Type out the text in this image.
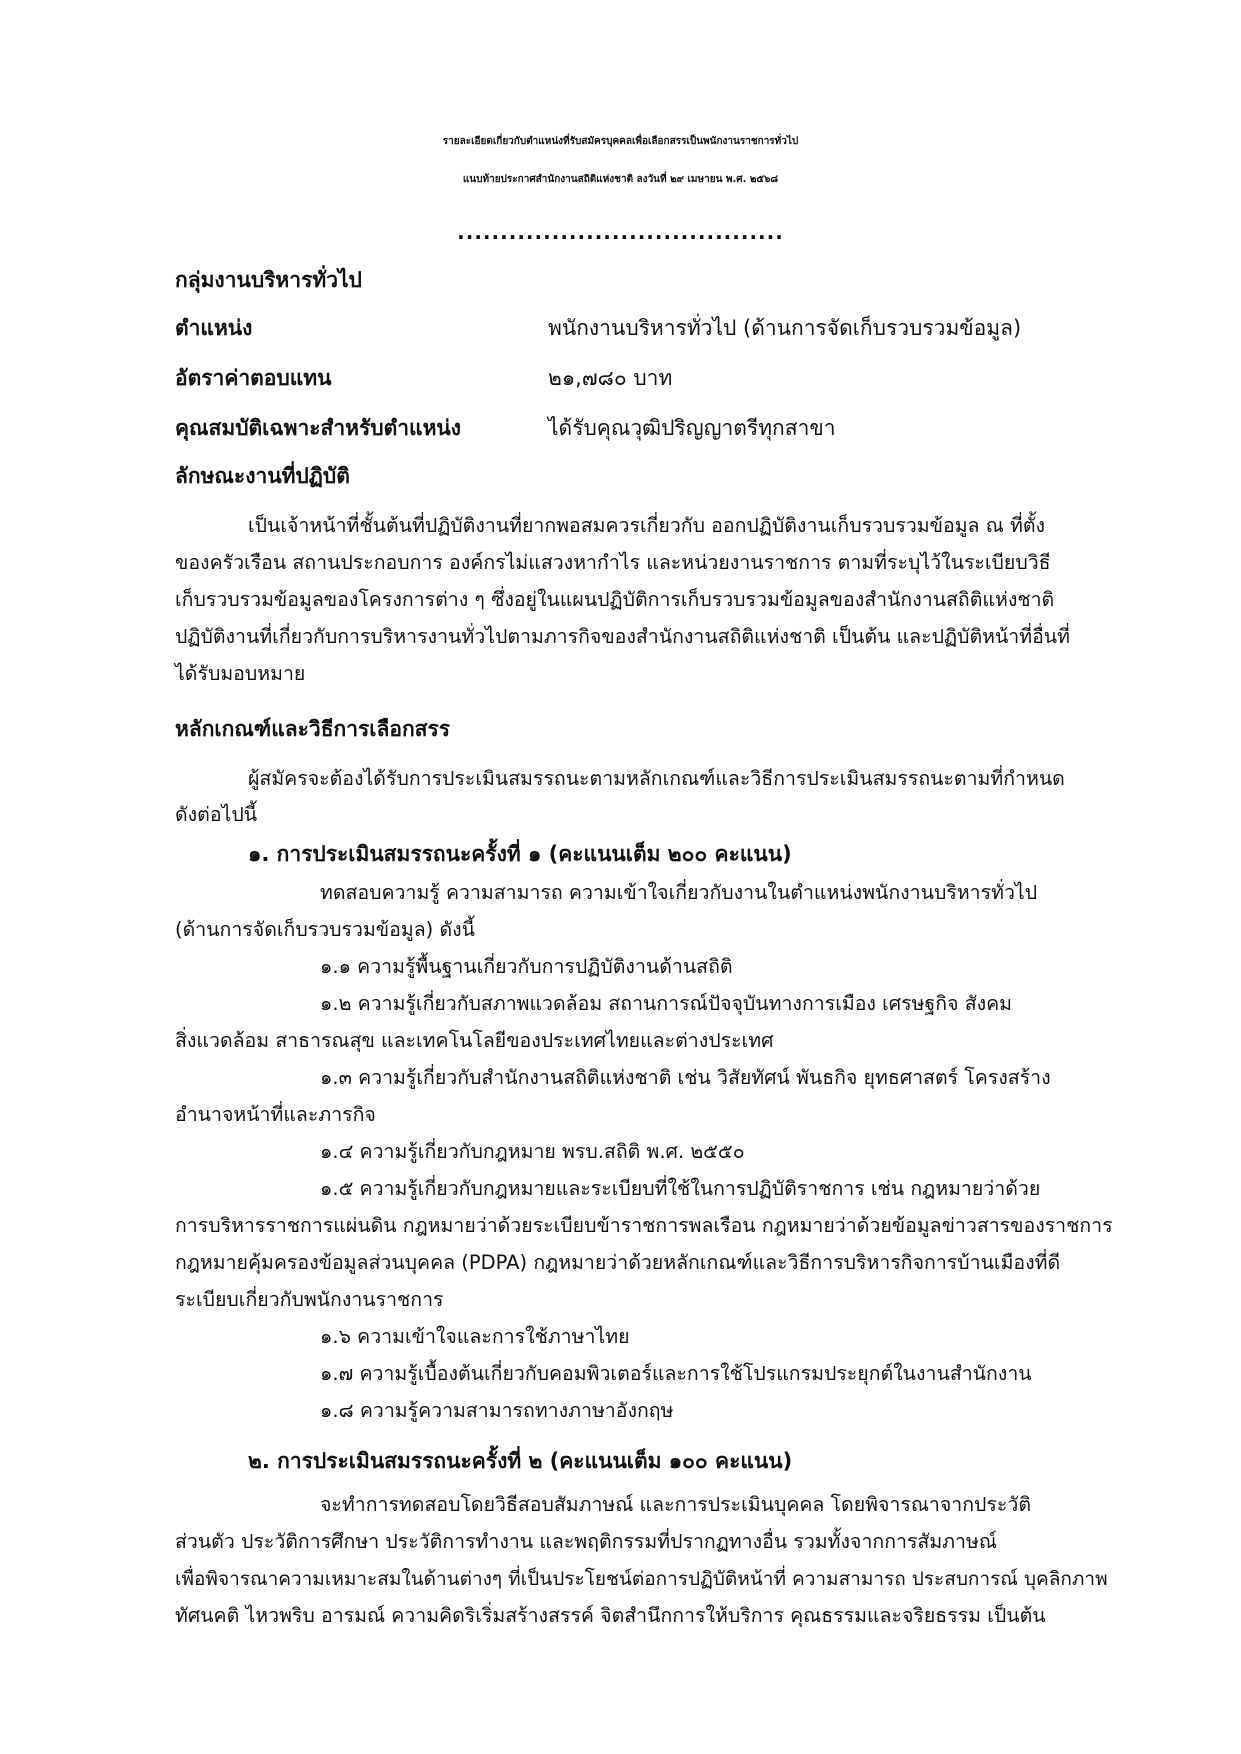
รายละเอียดเกี่ยวกับตำแหน่งที่รับสมัครบุคคลเพื่อเลือกสรรเป็นพนักงานราชการทั่วไป
แนบท้ายประกาศสำนักงานสถิติแห่งชาติ ลงวันที่ ๒๙ เมษายน พ.ศ. ๒๕๖๘
......................................
กลุ่มงานบริหารทั่วไป
ตำแหน่ง	พนักงานบริหารทั่วไป (ด้านการจัดเก็บรวบรวมข้อมูล)
อัตราค่าตอบแทน	๒๑,๗๘๐ บาท
คุณสมบัติเฉพาะสำหรับตำแหน่ง	ได้รับคุณวุฒิปริญญาตรีทุกสาขา
ลักษณะงานที่ปฏิบัติ
เป็นเจ้าหน้าที่ชั้นต้นที่ปฏิบัติงานที่ยากพอสมควรเกี่ยวกับ ออกปฏิบัติงานเก็บรวบรวมข้อมูล ณ ที่ตั้ง
ของครัวเรือน สถานประกอบการ องค์กรไม่แสวงหากำไร และหน่วยงานราชการ ตามที่ระบุไว้ในระเบียบวิธี
เก็บรวบรวมข้อมูลของโครงการต่าง ๆ ซึ่งอยู่ในแผนปฏิบัติการเก็บรวบรวมข้อมูลของสำนักงานสถิติแห่งชาติ
ปฏิบัติงานที่เกี่ยวกับการบริหารงานทั่วไปตามภารกิจของสำนักงานสถิติแห่งชาติ เป็นต้น และปฏิบัติหน้าที่อื่นที่
ได้รับมอบหมาย
หลักเกณฑ์และวิธีการเลือกสรร
ผู้สมัครจะต้องได้รับการประเมินสมรรถนะตามหลักเกณฑ์และวิธีการประเมินสมรรถนะตามที่กำหนด
ดังต่อไปนี้
๑. การประเมินสมรรถนะครั้งที่ ๑ (คะแนนเต็ม ๒๐๐ คะแนน)
ทดสอบความรู้ ความสามารถ ความเข้าใจเกี่ยวกับงานในตำแหน่งพนักงานบริหารทั่วไป
(ด้านการจัดเก็บรวบรวมข้อมูล) ดังนี้
๑.๑ ความรู้พื้นฐานเกี่ยวกับการปฏิบัติงานด้านสถิติ
๑.๒ ความรู้เกี่ยวกับสภาพแวดล้อม สถานการณ์ปัจจุบันทางการเมือง เศรษฐกิจ สังคม
สิ่งแวดล้อม สาธารณสุข และเทคโนโลยีของประเทศไทยและต่างประเทศ
๑.๓ ความรู้เกี่ยวกับสำนักงานสถิติแห่งชาติ เช่น วิสัยทัศน์ พันธกิจ ยุทธศาสตร์ โครงสร้าง
อำนาจหน้าที่และภารกิจ
๑.๔ ความรู้เกี่ยวกับกฎหมาย พรบ.สถิติ พ.ศ. ๒๕๕๐
๑.๕ ความรู้เกี่ยวกับกฎหมายและระเบียบที่ใช้ในการปฏิบัติราชการ เช่น กฎหมายว่าด้วย
การบริหารราชการแผ่นดิน กฎหมายว่าด้วยระเบียบข้าราชการพลเรือน กฎหมายว่าด้วยข้อมูลข่าวสารของราชการ
กฎหมายคุ้มครองข้อมูลส่วนบุคคล (PDPA) กฎหมายว่าด้วยหลักเกณฑ์และวิธีการบริหารกิจการบ้านเมืองที่ดี
ระเบียบเกี่ยวกับพนักงานราชการ
๑.๖ ความเข้าใจและการใช้ภาษาไทย
๑.๗ ความรู้เบื้องต้นเกี่ยวกับคอมพิวเตอร์และการใช้โปรแกรมประยุกต์ในงานสำนักงาน
๑.๘ ความรู้ความสามารถทางภาษาอังกฤษ
๒. การประเมินสมรรถนะครั้งที่ ๒ (คะแนนเต็ม ๑๐๐ คะแนน)
จะทำการทดสอบโดยวิธีสอบสัมภาษณ์ และการประเมินบุคคล โดยพิจารณาจากประวัติ
ส่วนตัว ประวัติการศึกษา ประวัติการทำงาน และพฤติกรรมที่ปรากฏทางอื่น รวมทั้งจากการสัมภาษณ์
เพื่อพิจารณาความเหมาะสมในด้านต่างๆ ที่เป็นประโยชน์ต่อการปฏิบัติหน้าที่ ความสามารถ ประสบการณ์ บุคลิกภาพ
ทัศนคติ ไหวพริบ อารมณ์ ความคิดริเริ่มสร้างสรรค์ จิตสำนึกการให้บริการ คุณธรรมและจริยธรรม เป็นต้น
